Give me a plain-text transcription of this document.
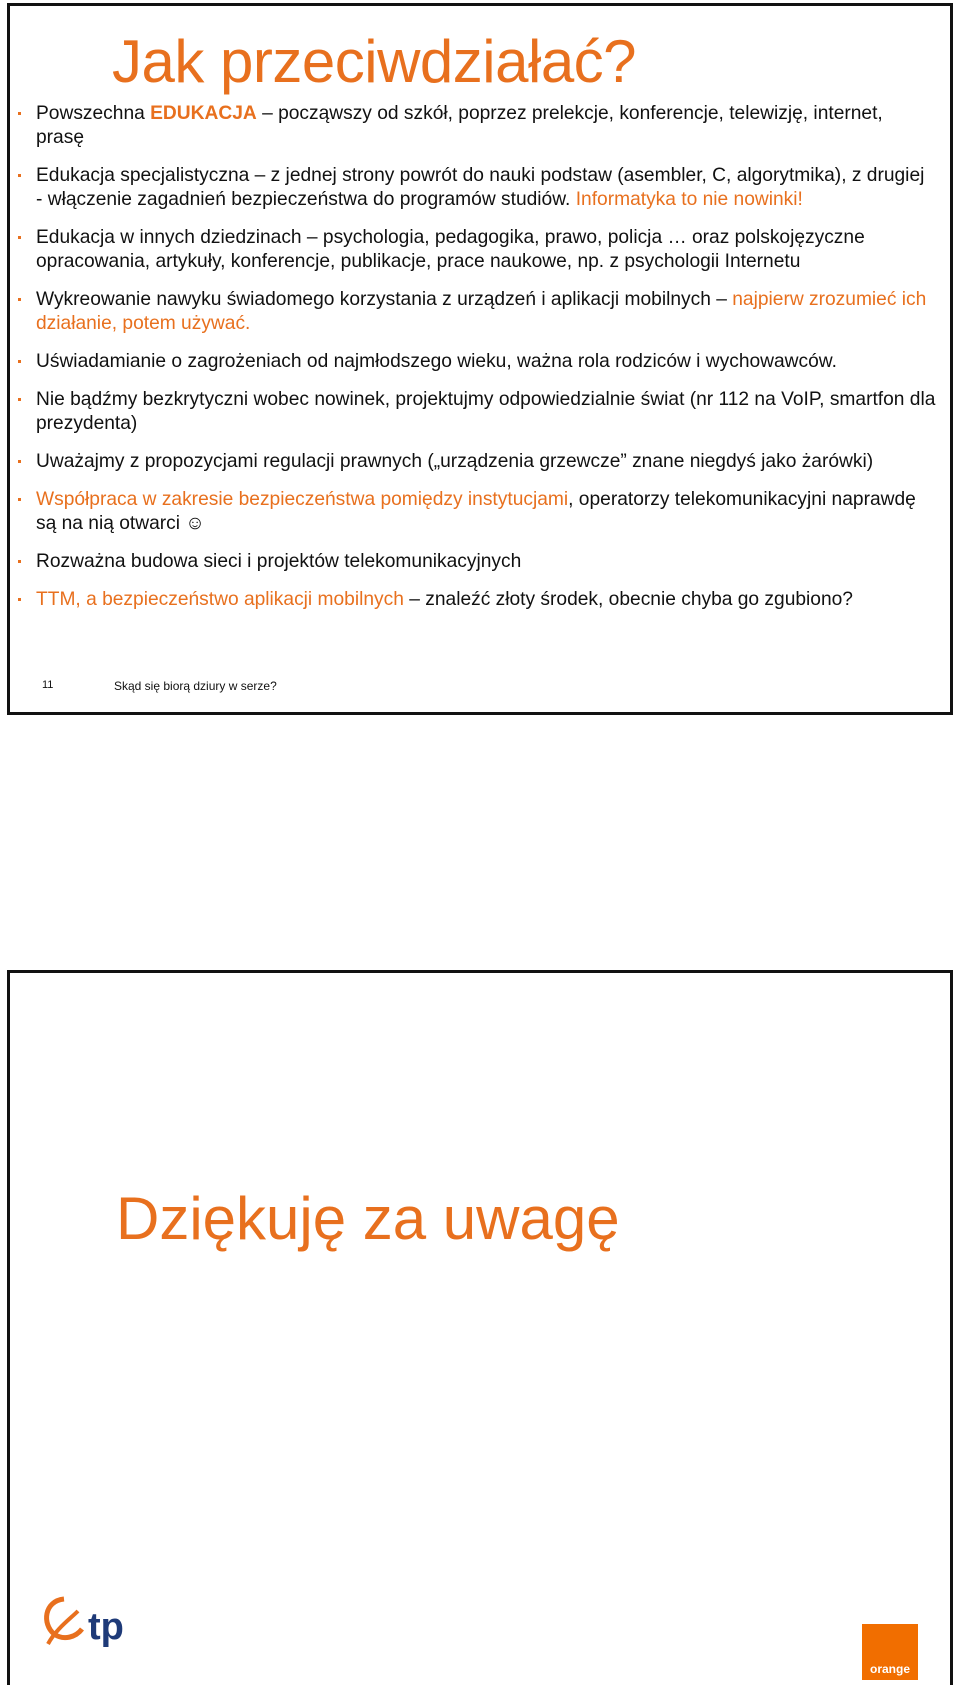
Jak przeciwdziałać?
Powszechna EDUKACJA – począwszy od szkół, poprzez prelekcje, konferencje, telewizję, internet, prasę
Edukacja specjalistyczna – z jednej strony powrót do nauki podstaw (asembler, C, algorytmika), z drugiej - włączenie zagadnień bezpieczeństwa do programów studiów. Informatyka to nie nowinki!
Edukacja w innych dziedzinach – psychologia, pedagogika, prawo, policja … oraz polskojęzyczne opracowania, artykuły, konferencje, publikacje, prace naukowe, np. z psychologii Internetu
Wykreowanie nawyku świadomego korzystania z urządzeń i aplikacji mobilnych – najpierw zrozumieć ich działanie, potem używać.
Uświadamianie o zagrożeniach od najmłodszego wieku, ważna rola rodziców i wychowawców.
Nie bądźmy bezkrytyczni wobec nowinek, projektujmy odpowiedzialnie świat (nr 112 na VoIP, smartfon dla prezydenta)
Uważajmy z propozycjami regulacji prawnych („urządzenia grzewcze” znane niegdyś jako żarówki)
Współpraca w zakresie bezpieczeństwa pomiędzy instytucjami, operatorzy telekomunikacyjni naprawdę są na nią otwarci ☺
Rozważna budowa sieci i projektów telekomunikacyjnych
TTM, a bezpieczeństwo aplikacji mobilnych – znaleźć złoty środek, obecnie chyba go zgubiono?
11	Skąd się biorą dziury w serze?
Dziękuję za uwagę
tp
orange
